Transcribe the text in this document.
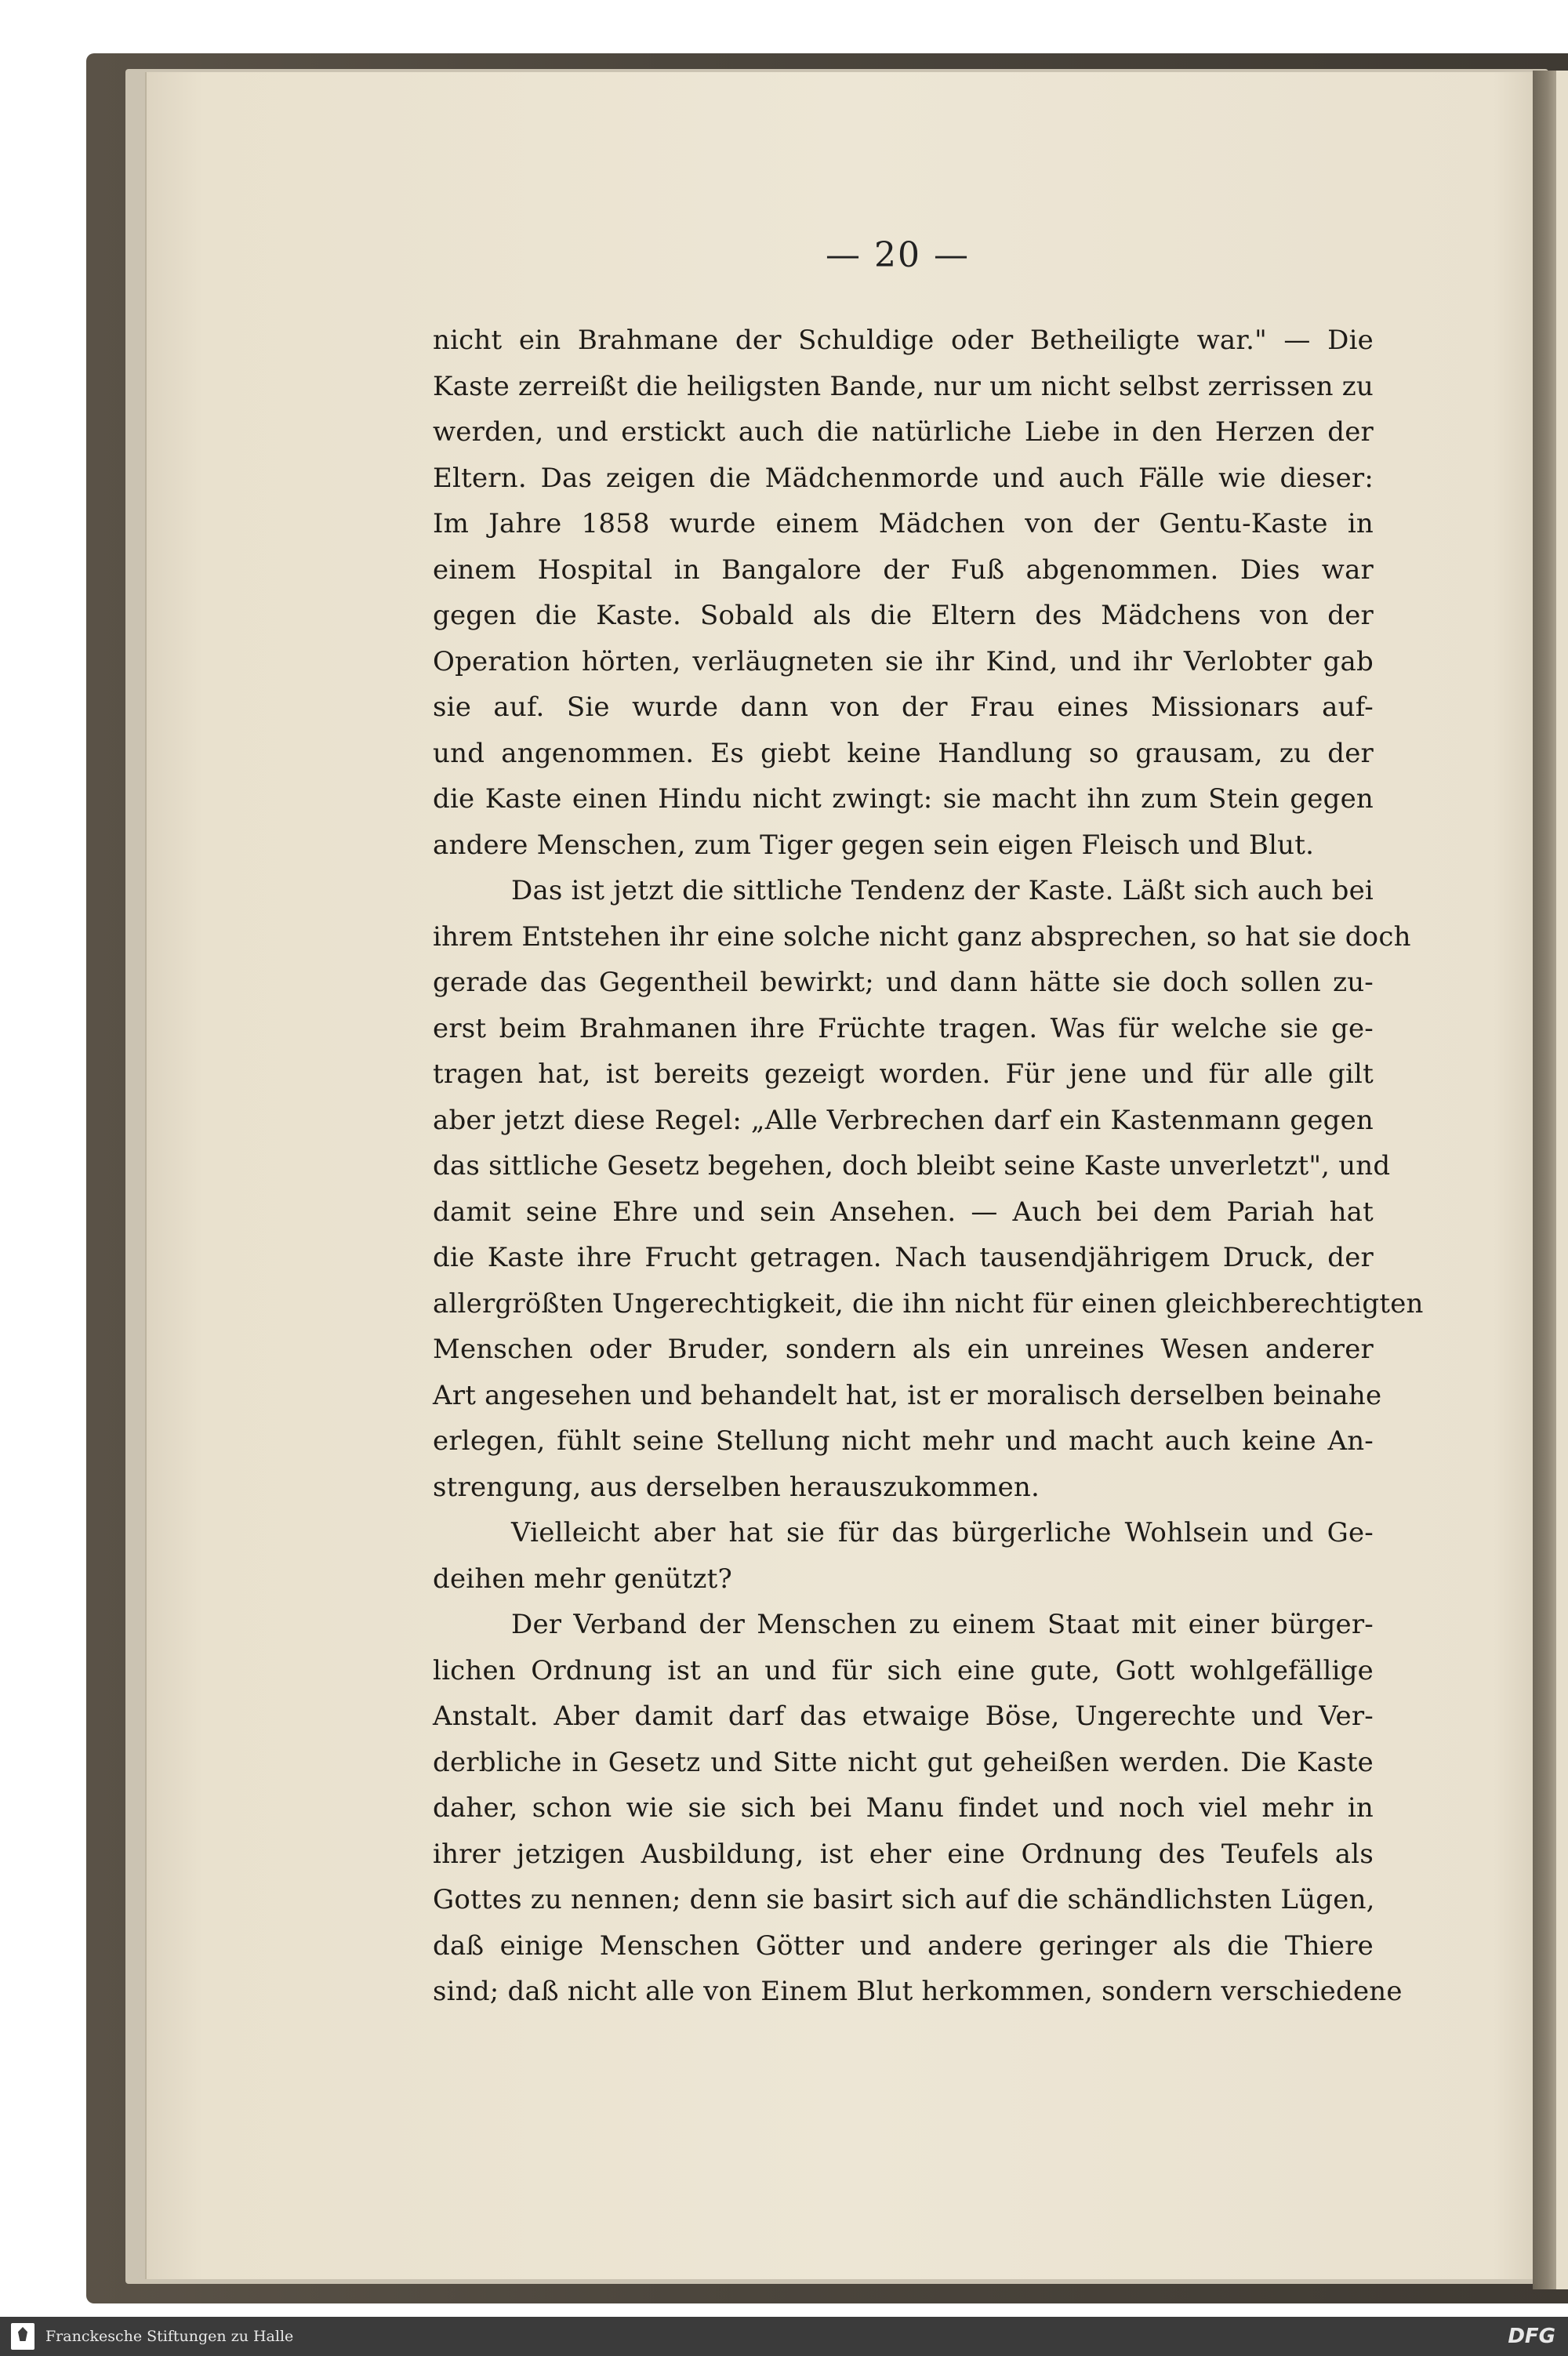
— 20 —
nicht ein Brahmane der Schuldige oder Betheiligte war." — Die
Kaste zerreißt die heiligsten Bande, nur um nicht selbst zerrissen zu
werden, und erstickt auch die natürliche Liebe in den Herzen der
Eltern. Das zeigen die Mädchenmorde und auch Fälle wie dieser:
Im Jahre 1858 wurde einem Mädchen von der Gentu-Kaste in
einem Hospital in Bangalore der Fuß abgenommen. Dies war
gegen die Kaste. Sobald als die Eltern des Mädchens von der
Operation hörten, verläugneten sie ihr Kind, und ihr Verlobter gab
sie auf. Sie wurde dann von der Frau eines Missionars auf-
und angenommen. Es giebt keine Handlung so grausam, zu der
die Kaste einen Hindu nicht zwingt: sie macht ihn zum Stein gegen
andere Menschen, zum Tiger gegen sein eigen Fleisch und Blut.
Das ist jetzt die sittliche Tendenz der Kaste. Läßt sich auch bei
ihrem Entstehen ihr eine solche nicht ganz absprechen, so hat sie doch
gerade das Gegentheil bewirkt; und dann hätte sie doch sollen zu-
erst beim Brahmanen ihre Früchte tragen. Was für welche sie ge-
tragen hat, ist bereits gezeigt worden. Für jene und für alle gilt
aber jetzt diese Regel: „Alle Verbrechen darf ein Kastenmann gegen
das sittliche Gesetz begehen, doch bleibt seine Kaste unverletzt", und
damit seine Ehre und sein Ansehen. — Auch bei dem Pariah hat
die Kaste ihre Frucht getragen. Nach tausendjährigem Druck, der
allergrößten Ungerechtigkeit, die ihn nicht für einen gleichberechtigten
Menschen oder Bruder, sondern als ein unreines Wesen anderer
Art angesehen und behandelt hat, ist er moralisch derselben beinahe
erlegen, fühlt seine Stellung nicht mehr und macht auch keine An-
strengung, aus derselben herauszukommen.
Vielleicht aber hat sie für das bürgerliche Wohlsein und Ge-
deihen mehr genützt?
Der Verband der Menschen zu einem Staat mit einer bürger-
lichen Ordnung ist an und für sich eine gute, Gott wohlgefällige
Anstalt. Aber damit darf das etwaige Böse, Ungerechte und Ver-
derbliche in Gesetz und Sitte nicht gut geheißen werden. Die Kaste
daher, schon wie sie sich bei Manu findet und noch viel mehr in
ihrer jetzigen Ausbildung, ist eher eine Ordnung des Teufels als
Gottes zu nennen; denn sie basirt sich auf die schändlichsten Lügen,
daß einige Menschen Götter und andere geringer als die Thiere
sind; daß nicht alle von Einem Blut herkommen, sondern verschiedene
Franckesche Stiftungen zu Halle	DFG
